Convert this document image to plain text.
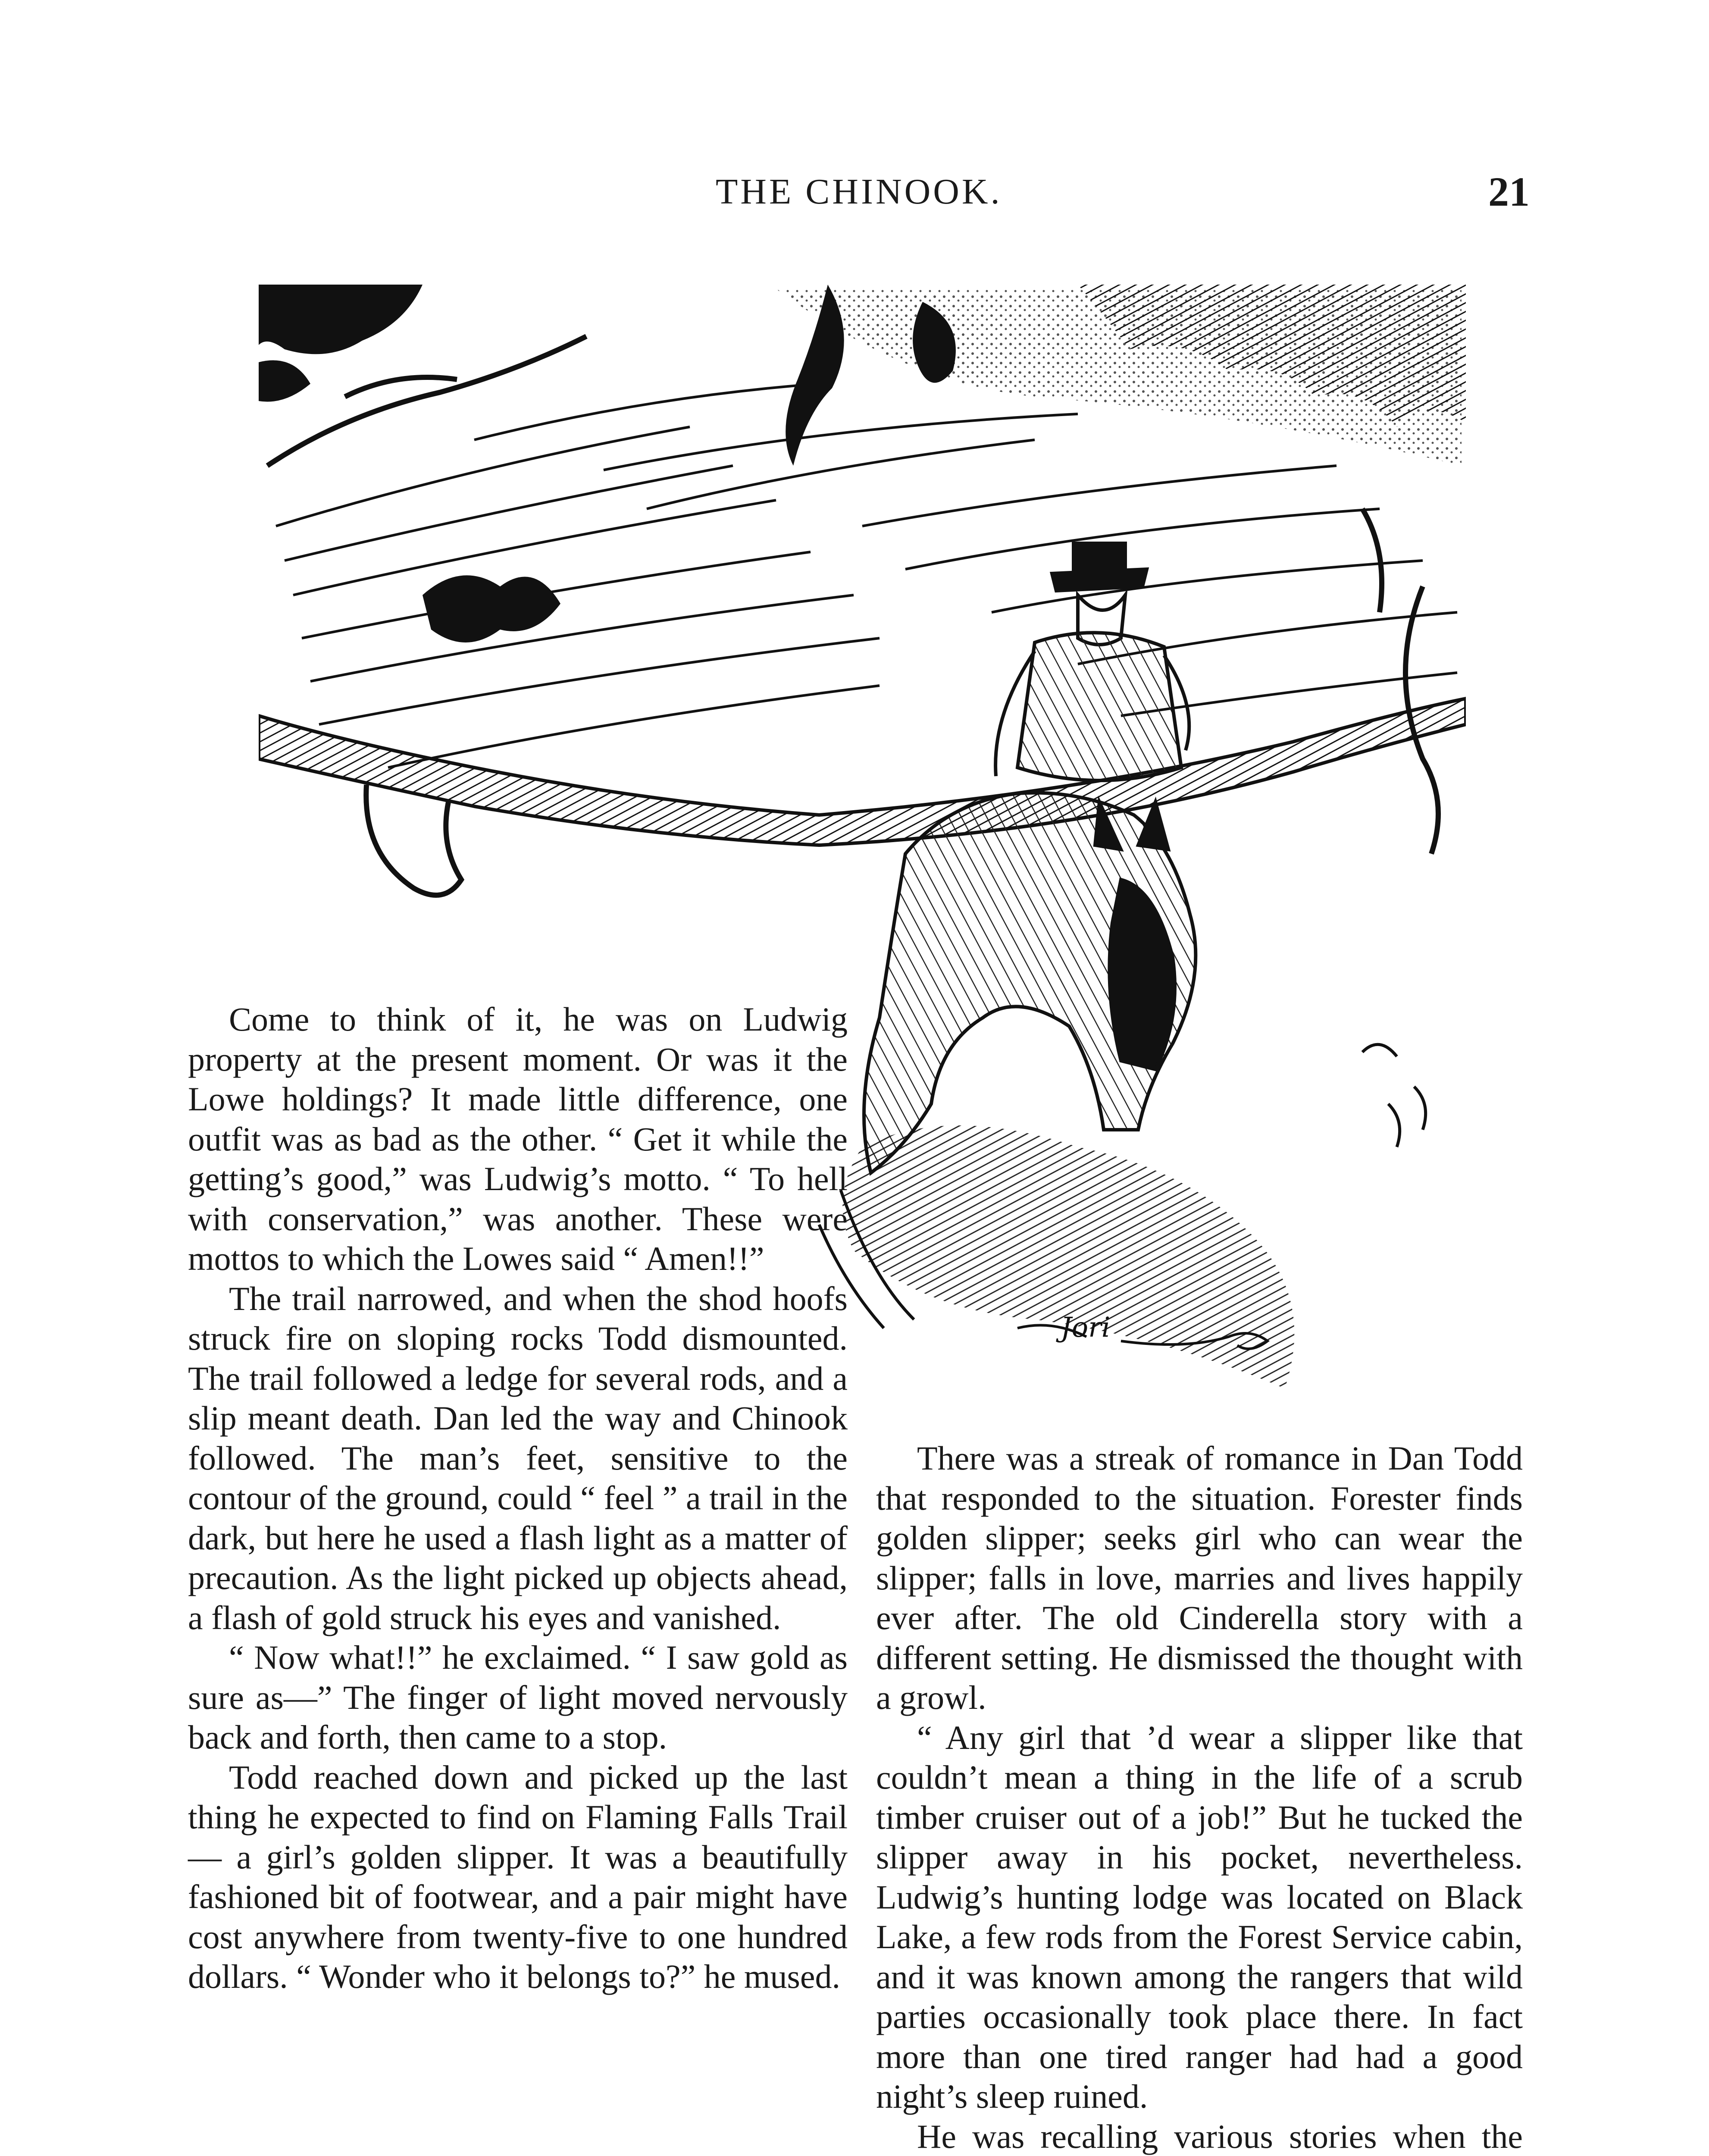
THE CHINOOK.	21
Jori

Come to think of it, he was on Ludwig property at the present moment. Or was it the Lowe holdings? It made little difference, one outfit was as bad as the other. “ Get it while the getting’s good,” was Ludwig’s motto. “ To hell with conservation,” was another. These were mottos to which the Lowes said “ Amen!!”

The trail narrowed, and when the shod hoofs struck fire on sloping rocks Todd dismounted. The trail followed a ledge for several rods, and a slip meant death. Dan led the way and Chinook followed. The man’s feet, sensitive to the contour of the ground, could “ feel ” a trail in the dark, but here he used a flash light as a matter of precaution. As the light picked up objects ahead, a flash of gold struck his eyes and vanished.

“ Now what!!” he exclaimed. “ I saw gold as sure as—” The finger of light moved nervously back and forth, then came to a stop.

Todd reached down and picked up the last thing he expected to find on Flaming Falls Trail — a girl’s golden slipper. It was a beautifully fashioned bit of footwear, and a pair might have cost anywhere from twenty-five to one hundred dollars. “ Wonder who it belongs to?” he mused.

There was a streak of romance in Dan Todd that responded to the situation. Forester finds golden slipper; seeks girl who can wear the slipper; falls in love, marries and lives happily ever after. The old Cinderella story with a different setting. He dismissed the thought with a growl.

“ Any girl that ’d wear a slipper like that couldn’t mean a thing in the life of a scrub timber cruiser out of a job!” But he tucked the slipper away in his pocket, nevertheless. Ludwig’s hunting lodge was located on Black Lake, a few rods from the Forest Service cabin, and it was known among the rangers that wild parties occasionally took place there. In fact more than one tired ranger had had a good night’s sleep ruined.

He was recalling various stories when the
